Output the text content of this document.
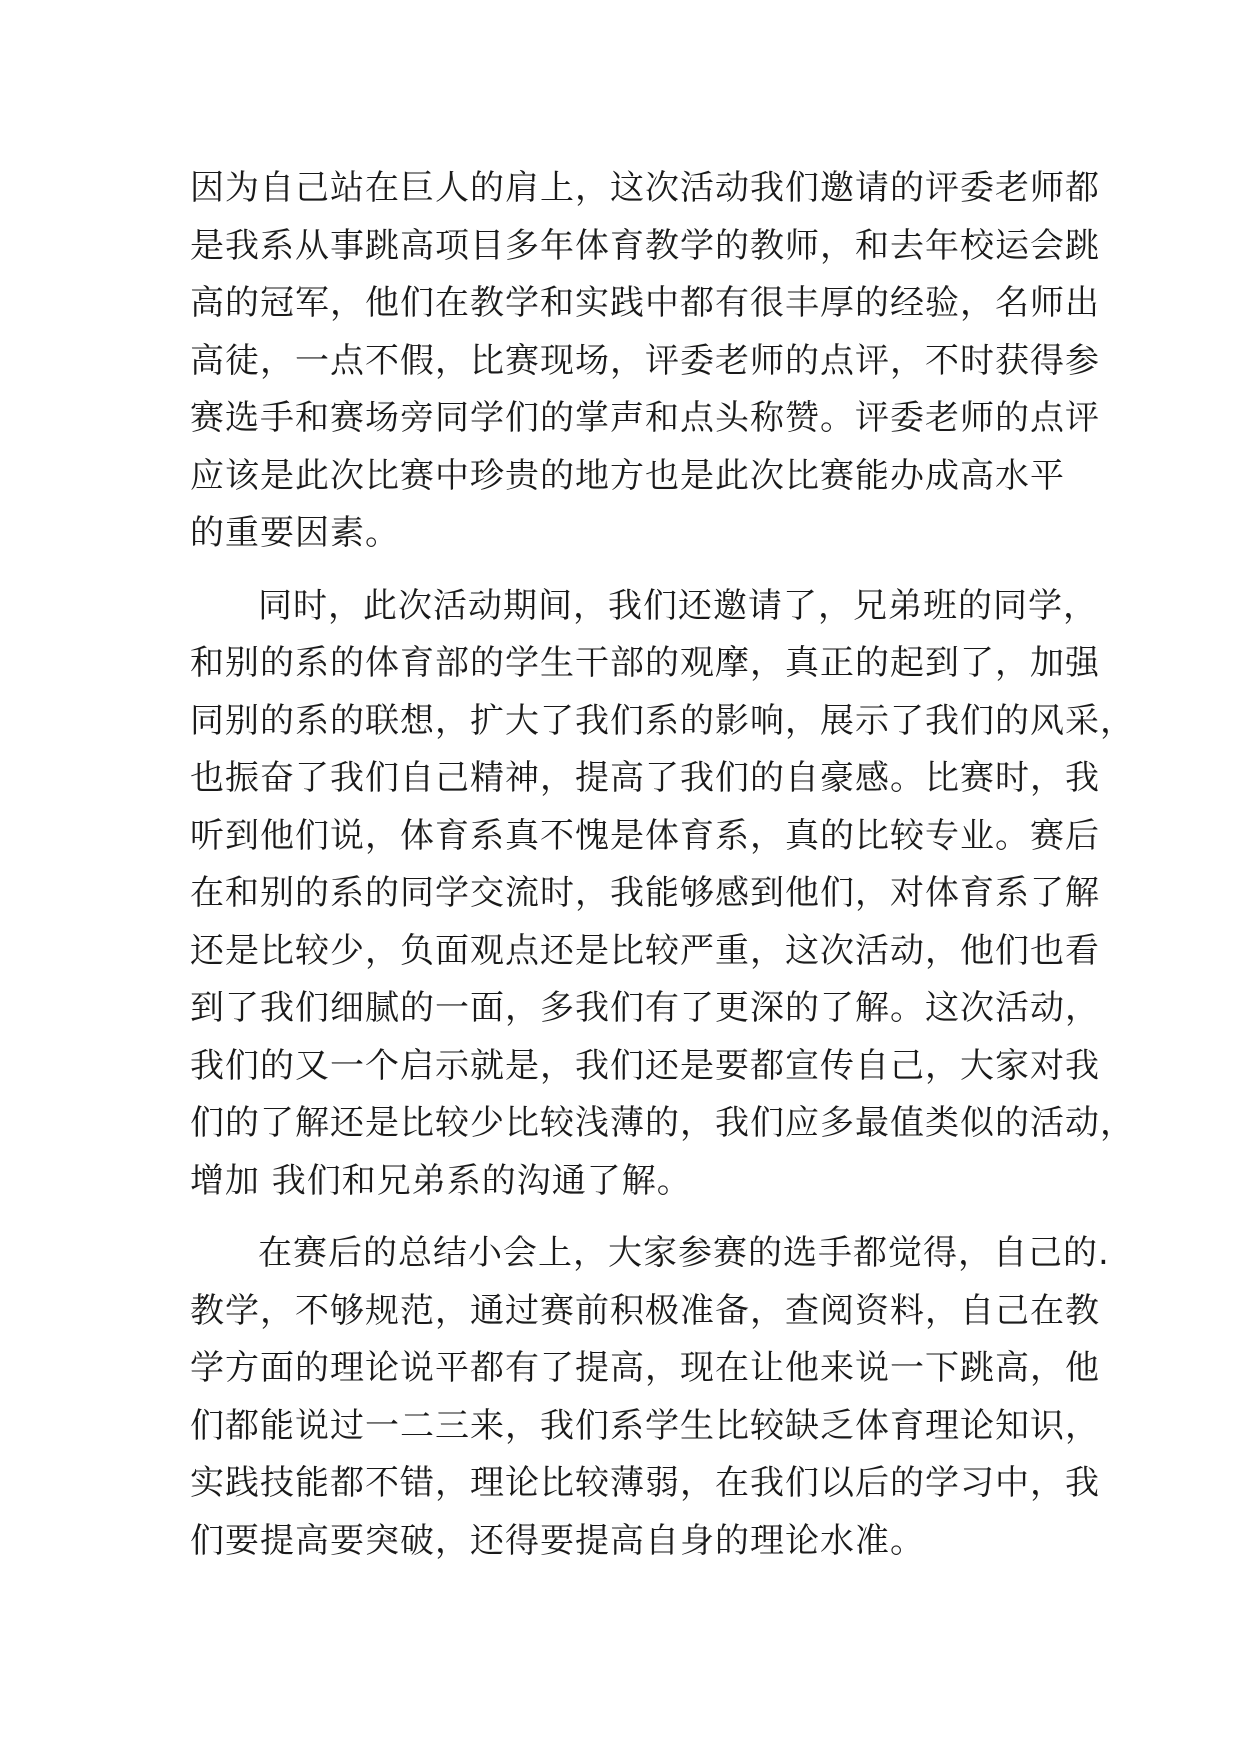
因为自己站在巨人的肩上，这次活动我们邀请的评委老师都
是我系从事跳高项目多年体育教学的教师，和去年校运会跳
高的冠军，他们在教学和实践中都有很丰厚的经验，名师出
高徒，一点不假，比赛现场，评委老师的点评，不时获得参
赛选手和赛场旁同学们的掌声和点头称赞。评委老师的点评
应该是此次比赛中珍贵的地方也是此次比赛能办成高水平
的重要因素。
同时，此次活动期间，我们还邀请了，兄弟班的同学，
和别的系的体育部的学生干部的观摩，真正的起到了，加强
同别的系的联想，扩大了我们系的影响，展示了我们的风采，
也振奋了我们自己精神，提高了我们的自豪感。比赛时，我
听到他们说，体育系真不愧是体育系，真的比较专业。赛后
在和别的系的同学交流时，我能够感到他们，对体育系了解
还是比较少，负面观点还是比较严重，这次活动，他们也看
到了我们细腻的一面，多我们有了更深的了解。这次活动，
我们的又一个启示就是，我们还是要都宣传自己，大家对我
们的了解还是比较少比较浅薄的，我们应多最值类似的活动，
增加 我们和兄弟系的沟通了解。
在赛后的总结小会上，大家参赛的选手都觉得，自己的.
教学，不够规范，通过赛前积极准备，查阅资料，自己在教
学方面的理论说平都有了提高，现在让他来说一下跳高，他
们都能说过一二三来，我们系学生比较缺乏体育理论知识，
实践技能都不错，理论比较薄弱，在我们以后的学习中，我
们要提高要突破，还得要提高自身的理论水准。
